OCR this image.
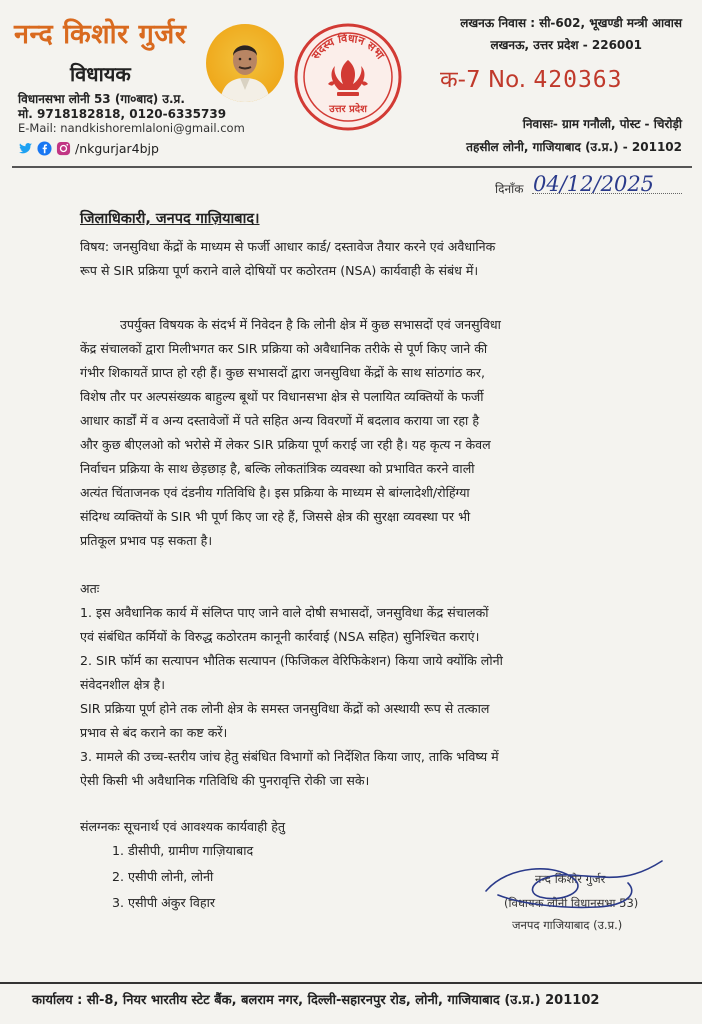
नन्द किशोर गुर्जर
विधायक
विधानसभा लोनी 53 (गा०बाद) उ.प्र.
मो. 9718182818, 0120-6335739
E-Mail: nandkishoremlaloni@gmail.com
/nkgurjar4bjp
सदस्य विधान सभा
उत्तर प्रदेश
लखनऊ निवास : सी-602, भूखण्डी मन्त्री आवास
लखनऊ, उत्तर प्रदेश - 226001
क-7 No. 420363
निवासः- ग्राम गनौली, पोस्ट - चिरोड़ी
तहसील लोनी, गाजियाबाद (उ.प्र.) - 201102
दिनाँक 04/12/2025
जिलाधिकारी, जनपद गाज़ियाबाद।
विषय: जनसुविधा केंद्रों के माध्यम से फर्जी आधार कार्ड/ दस्तावेज तैयार करने एवं अवैधानिक
रूप से SIR प्रक्रिया पूर्ण कराने वाले दोषियों पर कठोरतम (NSA) कार्यवाही के संबंध में।
उपर्युक्त विषयक के संदर्भ में निवेदन है कि लोनी क्षेत्र में कुछ सभासदों एवं जनसुविधा
केंद्र संचालकों द्वारा मिलीभगत कर SIR प्रक्रिया को अवैधानिक तरीके से पूर्ण किए जाने की
गंभीर शिकायतें प्राप्त हो रही हैं। कुछ सभासदों द्वारा जनसुविधा केंद्रों के साथ सांठगांठ कर,
विशेष तौर पर अल्पसंख्यक बाहुल्य बूथों पर विधानसभा क्षेत्र से पलायित व्यक्तियों के फर्जी
आधार कार्डों में व अन्य दस्तावेजों में पते सहित अन्य विवरणों में बदलाव कराया जा रहा है
और कुछ बीएलओ को भरोसे में लेकर SIR प्रक्रिया पूर्ण कराई जा रही है। यह कृत्य न केवल
निर्वाचन प्रक्रिया के साथ छेड़छाड़ है, बल्कि लोकतांत्रिक व्यवस्था को प्रभावित करने वाली
अत्यंत चिंताजनक एवं दंडनीय गतिविधि है। इस प्रक्रिया के माध्यम से बांग्लादेशी/रोहिंग्या
संदिग्ध व्यक्तियों के SIR भी पूर्ण किए जा रहे हैं, जिससे क्षेत्र की सुरक्षा व्यवस्था पर भी
प्रतिकूल प्रभाव पड़ सकता है।
अतः
1. इस अवैधानिक कार्य में संलिप्त पाए जाने वाले दोषी सभासदों, जनसुविधा केंद्र संचालकों
एवं संबंधित कर्मियों के विरुद्ध कठोरतम कानूनी कार्रवाई (NSA सहित) सुनिश्चित कराएं।
2. SIR फॉर्म का सत्यापन भौतिक सत्यापन (फिजिकल वेरिफिकेशन) किया जाये क्योंकि लोनी
संवेदनशील क्षेत्र है।
SIR प्रक्रिया पूर्ण होने तक लोनी क्षेत्र के समस्त जनसुविधा केंद्रों को अस्थायी रूप से तत्काल
प्रभाव से बंद कराने का कष्ट करें।
3. मामले की उच्च-स्तरीय जांच हेतु संबंधित विभागों को निर्देशित किया जाए, ताकि भविष्य में
ऐसी किसी भी अवैधानिक गतिविधि की पुनरावृत्ति रोकी जा सके।
संलग्नकः सूचनार्थ एवं आवश्यक कार्यवाही हेतु
1. डीसीपी, ग्रामीण गाज़ियाबाद
2. एसीपी लोनी, लोनी
3. एसीपी अंकुर विहार
नन्द किशोर गुर्जर
(विधायक लोनी विधानसभा 53)
जनपद गाजियाबाद (उ.प्र.)
कार्यालय : सी-8, नियर भारतीय स्टेट बैंक, बलराम नगर, दिल्ली-सहारनपुर रोड, लोनी, गाजियाबाद (उ.प्र.) 201102
